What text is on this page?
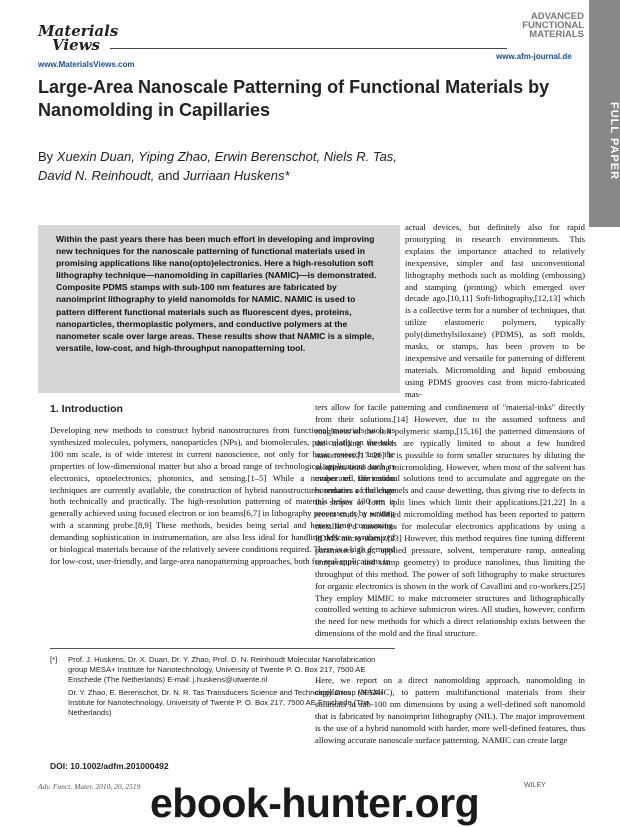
Materials
Views
www.MaterialsViews.com
ADVANCED
FUNCTIONAL
MATERIALS
www.afm-journal.de
FULL PAPER
Large-Area Nanoscale Patterning of Functional Materials by Nanomolding in Capillaries
By Xuexin Duan, Yiping Zhao, Erwin Berenschot, Niels R. Tas,
David N. Reinhoudt, and Jurriaan Huskens*
Within the past years there has been much effort in developing and improving new techniques for the nanoscale patterning of functional materials used in promising applications like nano(opto)electronics. Here a high-resolution soft lithography technique—nanomolding in capillaries (NAMIC)—is demonstrated. Composite PDMS stamps with sub-100 nm features are fabricated by nanoimprint lithography to yield nanomolds for NAMIC. NAMIC is used to pattern different functional materials such as fluorescent dyes, proteins, nanoparticles, thermoplastic polymers, and conductive polymers at the nanometer scale over large areas. These results show that NAMIC is a simple, versatile, low-cost, and high-throughput nanopatterning tool.
1. Introduction
Developing new methods to construct hybrid nanostructures from functional materials such as synthesized molecules, polymers, nanoparticles (NPs), and biomolecules, particularly on the sub-100 nm scale, is of wide interest in current nanoscience, not only for basic research into the properties of low-dimensional matter but also a broad range of technological applications such as electronics, optoelectronics, photonics, and sensing.[1–5] While a number of fabrication techniques are currently available, the construction of hybrid nanostructures remains a challenge both technically and practically. The high-resolution patterning of materials below 100 nm is generally achieved using focused electron or ion beams[6,7] in lithography processes or by writing with a scanning probe.[8,9] These methods, besides being serial and hence time consuming, demanding sophistication in instrumentation, are also less ideal for handling delicate synthesized or biological materials because of the relatively severe conditions required. There is a high demand for low-cost, user-friendly, and large-area nanopatterning approaches, both for real applications in
actual devices, but definitely also for rapid prototyping in research environments. This explains the importance attached to relatively inexpensive, simpler and fast unconventional lithography methods such as molding (embossing) and stamping (printing) which emerged over decade ago.[10,11] Soft-lithography,[12,13] which is a collective term for a number of techniques, that utilize elastomeric polymers, typically poly(dimethylsiloxane) (PDMS), as soft molds, masks, or stamps, has been proven to be inexpensive and versatile for patterning of different materials. Micromolding and liquid embossing using PDMS grooves cast from micro-fabricated mas-
ters allow for facile patterning and confinement of ''material-inks'' directly from their solutions.[14] However, due to the assumed softness and roughness of the soft polymeric stamp,[15,16] the patterned dimensions of the molding methods are typically limited to about a few hundred nanometers.[17–20] It is possible to form smaller structures by diluting the solutions used during micromolding. However, when most of the solvent has evaporated, the residual solutions tend to accumulate and aggregate on the boundaries of the channels and cause dewetting, thus giving rise to defects in the stripes or form split lines which limit their applications.[21,22] In a recent study, a modified micromolding method has been reported to pattern metallic Pd nanowires for molecular electronics applications by using a PDMS micro-stamp.[23] However, this method requires fine tuning different parameters (e.g., applied pressure, solvent, temperature ramp, annealing temperature, and stamp geometry) to produce nanolines, thus limiting the throughput of this method. The power of soft lithography to make structures for organic electronics is shown in the work of Cavallini and co-workers.[25] They employ MIMIC to make micrometer structures and lithographically controlled wetting to achieve submicron wires. All studies, however, confirm the need for new methods for which a direct relationship exists between the dimensions of the mold and the final structure.
Here, we report on a direct nanomolding approach, nanomolding in capillaries (NAMIC), to pattern multifunctional materials from their solutions at sub-100 nm dimensions by using a well-defined soft nanomold that is fabricated by nanoimprint lithography (NIL). The major improvement is the use of a hybrid nanomold with harder, more well-defined features, thus allowing accurate nanoscale surface patterning. NAMIC can create large
[*] Prof. J. Huskens, Dr. X. Duan, Dr. Y. Zhao, Prof. D. N. Reinhoudt Molecular Nanofabrication group MESA+ Institute for Nanotechnology, University of Twente P. O. Box 217, 7500 AE Enschede (The Netherlands) E-mail: j.huskens@utwente.nl

Dr. Y. Zhao, E. Berenschot, Dr. N. R. Tas Transducers Science and Technology Group MESA+ Institute for Nanotechnology, University of Twente P. O. Box 217, 7500 AE Enschede (The Netherlands)

DOI: 10.1002/adfm.201000492
Adv. Funct. Mater. 2010, 20, 2519 ebook-hunter.org	WILEY
